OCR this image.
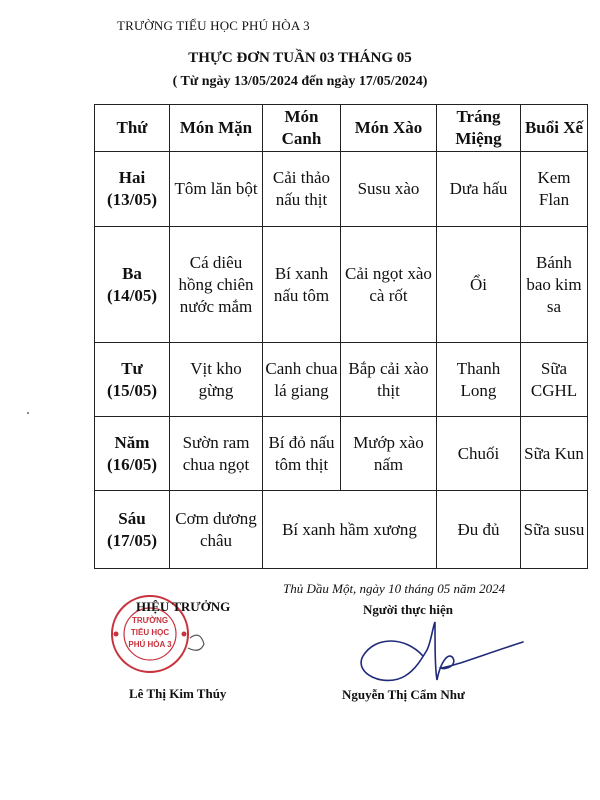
TRƯỜNG TIỂU HỌC PHÚ HÒA 3
THỰC ĐƠN TUẦN 03 THÁNG 05
( Từ ngày 13/05/2024 đến ngày 17/05/2024)
Thứ	Món Mặn	Món Canh	Món Xào	Tráng Miệng	Buổi Xế

Hai
(13/05)	Tôm lăn bột	Cải thảo nấu thịt	Susu xào	Dưa hấu	Kem Flan

Ba
(14/05)	Cá diêu hồng chiên nước mắm	Bí xanh nấu tôm	Cải ngọt xào cà rốt	Ổi	Bánh bao kim sa

Tư
(15/05)	Vịt kho gừng	Canh chua lá giang	Bắp cải xào thịt	Thanh Long	Sữa CGHL

Năm
(16/05)	Sườn ram chua ngọt	Bí đỏ nấu tôm thịt	Mướp xào nấm	Chuối	Sữa Kun

Sáu
(17/05)	Cơm dương châu	Bí xanh hầm xương		Đu đủ	Sữa susu
Thủ Dầu Một, ngày 10 tháng 05 năm 2024
TRƯỜNG
TIỂU HỌC
PHÚ HÒA 3
HIỆU TRƯỞNG	Người thực hiện
Lê Thị Kim Thúy	Nguyễn Thị Cẩm Như
